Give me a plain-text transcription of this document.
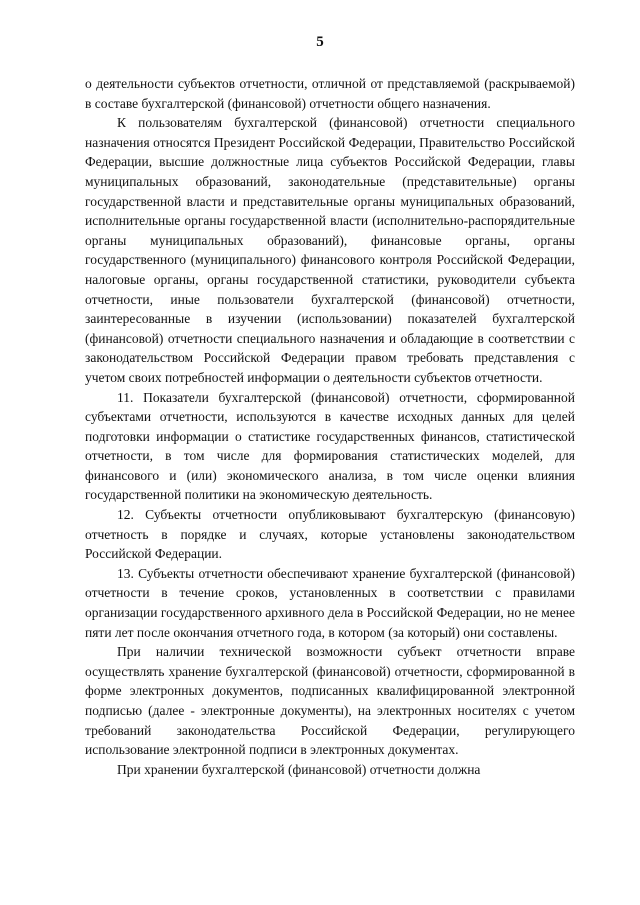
5

о деятельности субъектов отчетности, отличной от представляемой (раскрываемой) в составе бухгалтерской (финансовой) отчетности общего назначения.

К пользователям бухгалтерской (финансовой) отчетности специального назначения относятся Президент Российской Федерации, Правительство Российской Федерации, высшие должностные лица субъектов Российской Федерации, главы муниципальных образований, законодательные (представительные) органы государственной власти и представительные органы муниципальных образований, исполнительные органы государственной власти (исполнительно-распорядительные органы муниципальных образований), финансовые органы, органы государственного (муниципального) финансового контроля Российской Федерации, налоговые органы, органы государственной статистики, руководители субъекта отчетности, иные пользователи бухгалтерской (финансовой) отчетности, заинтересованные в изучении (использовании) показателей бухгалтерской (финансовой) отчетности специального назначения и обладающие в соответствии с законодательством Российской Федерации правом требовать представления с учетом своих потребностей информации о деятельности субъектов отчетности.

11. Показатели бухгалтерской (финансовой) отчетности, сформированной субъектами отчетности, используются в качестве исходных данных для целей подготовки информации о статистике государственных финансов, статистической отчетности, в том числе для формирования статистических моделей, для финансового и (или) экономического анализа, в том числе оценки влияния государственной политики на экономическую деятельность.

12. Субъекты отчетности опубликовывают бухгалтерскую (финансовую) отчетность в порядке и случаях, которые установлены законодательством Российской Федерации.

13. Субъекты отчетности обеспечивают хранение бухгалтерской (финансовой) отчетности в течение сроков, установленных в соответствии с правилами организации государственного архивного дела в Российской Федерации, но не менее пяти лет после окончания отчетного года, в котором (за который) они составлены.

При наличии технической возможности субъект отчетности вправе осуществлять хранение бухгалтерской (финансовой) отчетности, сформированной в форме электронных документов, подписанных квалифицированной электронной подписью (далее - электронные документы), на электронных носителях с учетом требований законодательства Российской Федерации, регулирующего использование электронной подписи в электронных документах.

При хранении бухгалтерской (финансовой) отчетности должна
